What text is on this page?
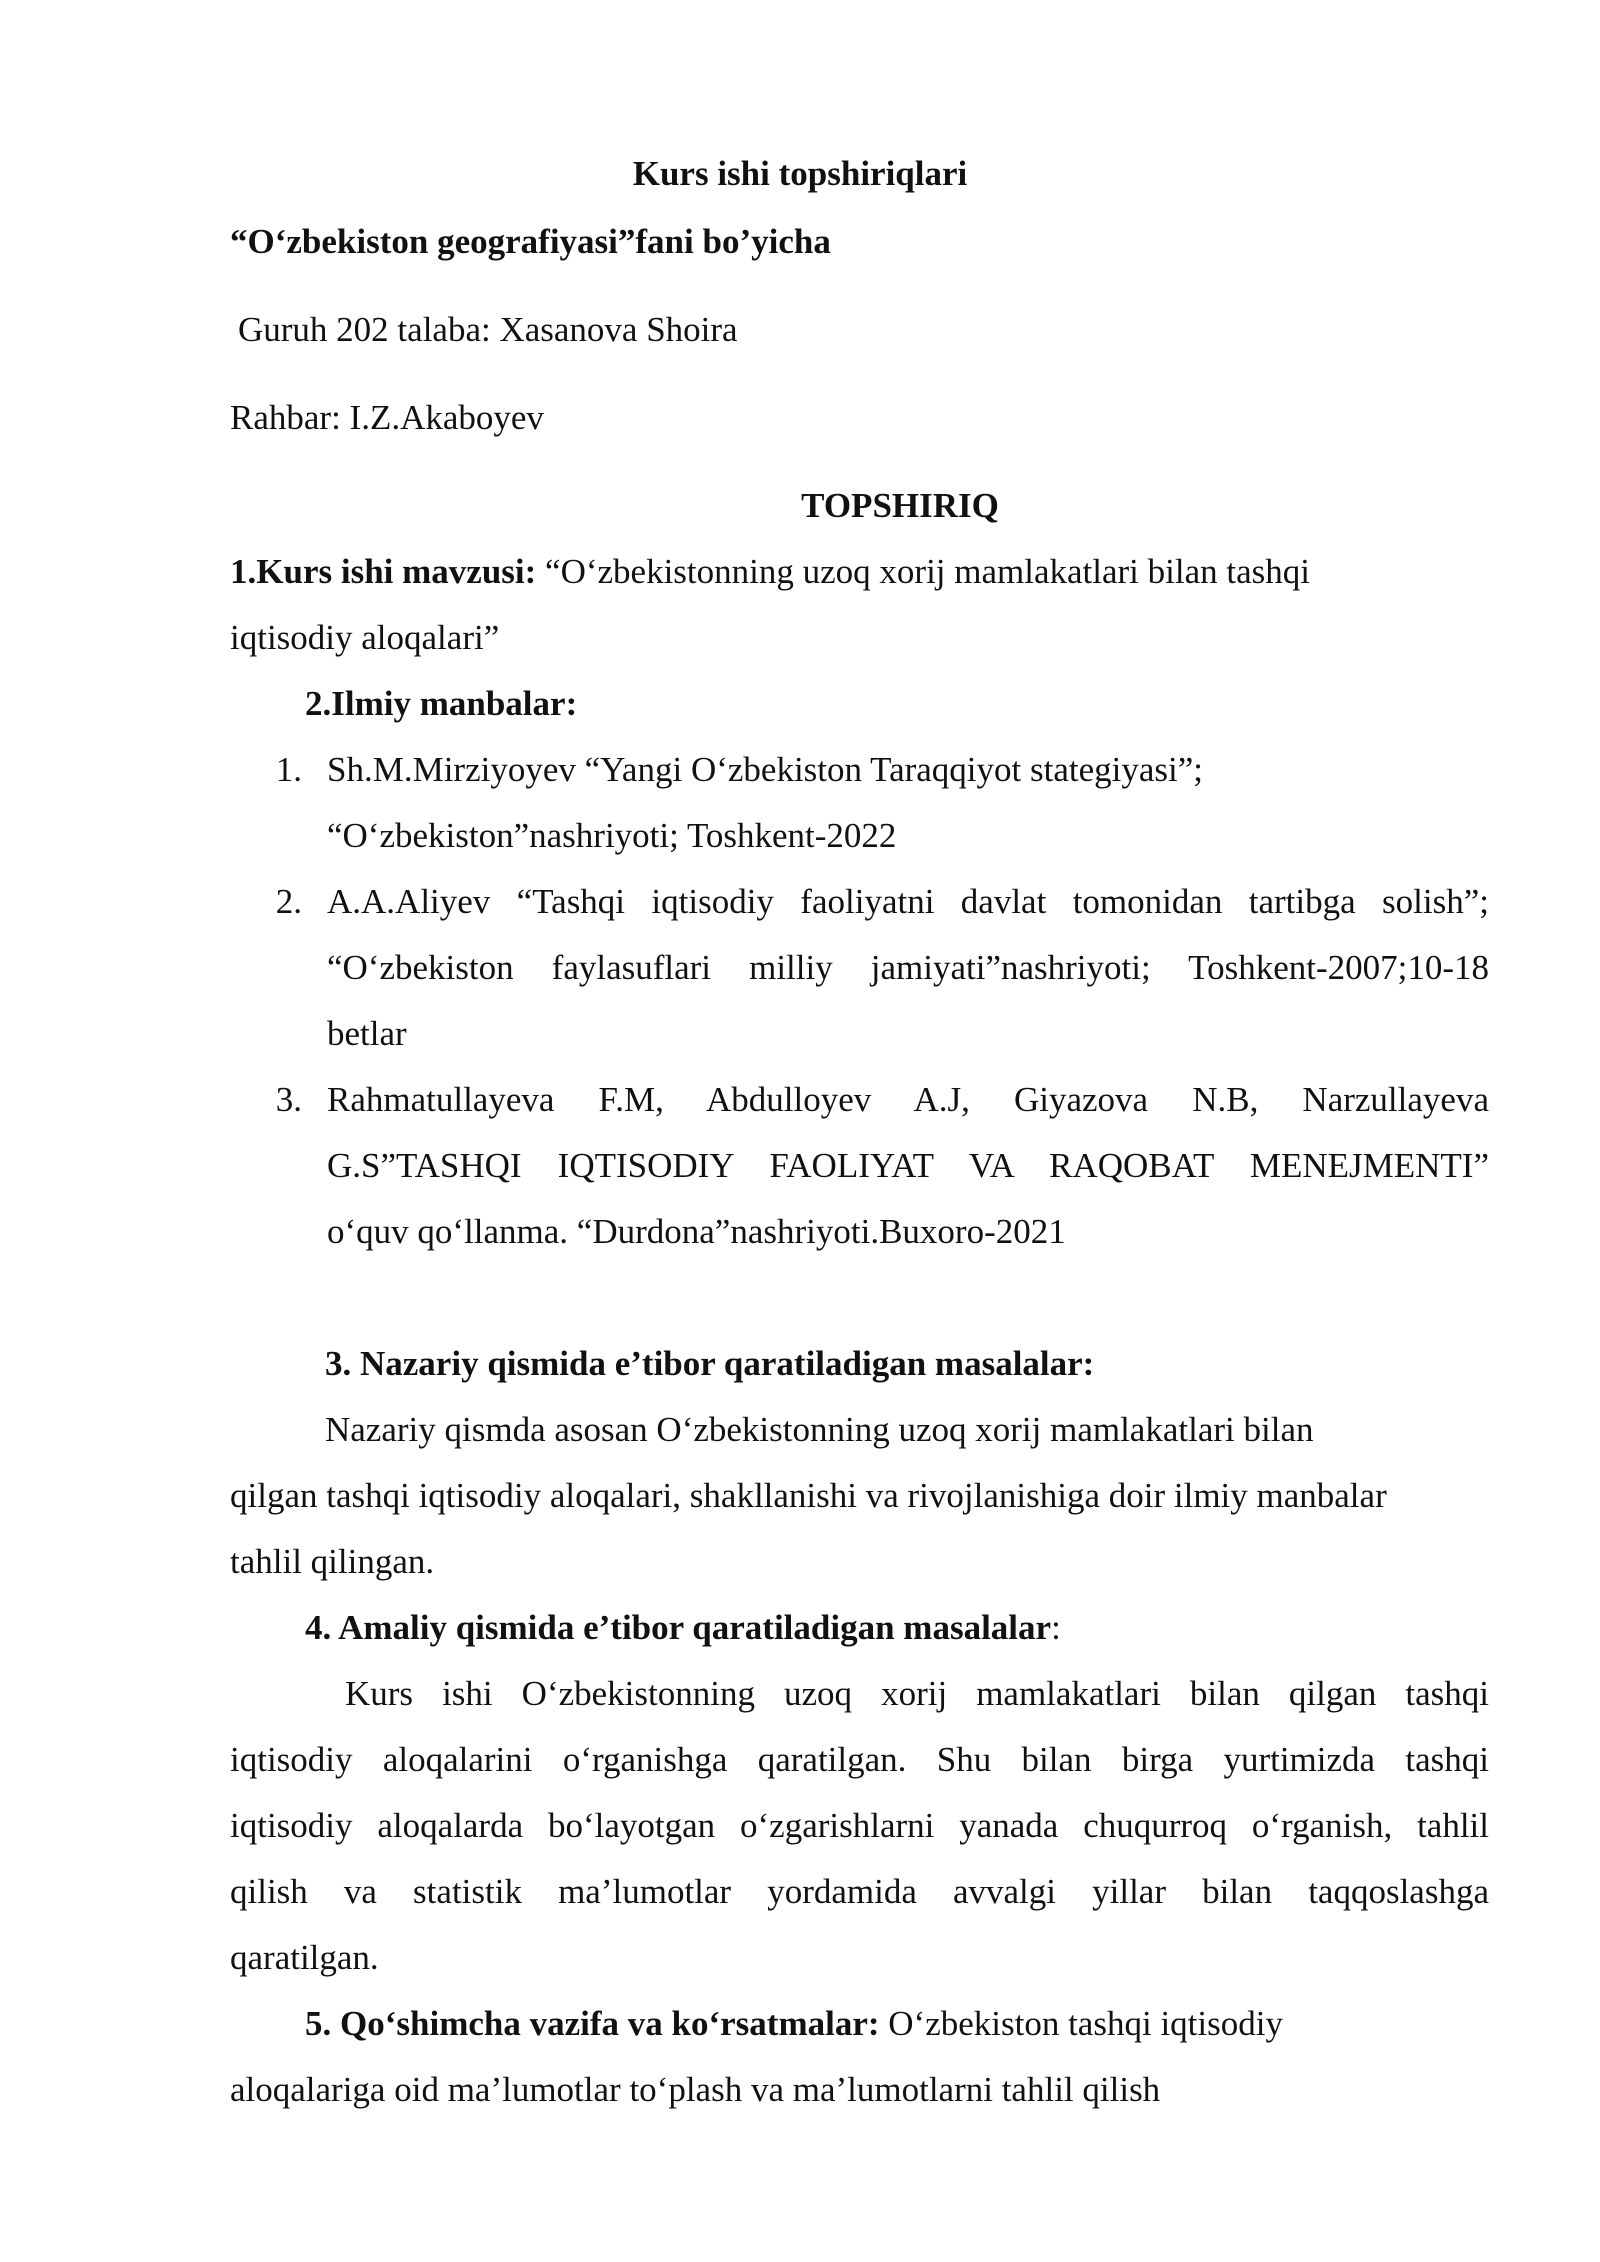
Kurs ishi topshiriqlari
“O‘zbekiston geografiyasi”fani bo’yicha
Guruh 202 talaba: Xasanova Shoira
Rahbar: I.Z.Akaboyev
TOPSHIRIQ
1.Kurs ishi mavzusi: “O‘zbekistonning uzoq xorij mamlakatlari bilan tashqi
iqtisodiy aloqalari”
2.Ilmiy manbalar:
1. Sh.M.Mirziyoyev “Yangi O‘zbekiston Taraqqiyot stategiyasi”;
“O‘zbekiston”nashriyoti; Toshkent-2022
2. A.A.Aliyev “Tashqi iqtisodiy faoliyatni davlat tomonidan tartibga solish”;
“O‘zbekiston faylasuflari milliy jamiyati”nashriyoti; Toshkent-2007;10-18
betlar
3. Rahmatullayeva F.M, Abdulloyev A.J, Giyazova N.B, Narzullayeva
G.S”TASHQI IQTISODIY FAOLIYAT VA RAQOBAT MENEJMENTI”
o‘quv qo‘llanma. “Durdona”nashriyoti.Buxoro-2021
3. Nazariy qismida e’tibor qaratiladigan masalalar:
Nazariy qismda asosan O‘zbekistonning uzoq xorij mamlakatlari bilan
qilgan tashqi iqtisodiy aloqalari, shakllanishi va rivojlanishiga doir ilmiy manbalar
tahlil qilingan.
4. Amaliy qismida e’tibor qaratiladigan masalalar:
Kurs ishi O‘zbekistonning uzoq xorij mamlakatlari bilan qilgan tashqi
iqtisodiy aloqalarini o‘rganishga qaratilgan. Shu bilan birga yurtimizda tashqi
iqtisodiy aloqalarda bo‘layotgan o‘zgarishlarni yanada chuqurroq o‘rganish, tahlil
qilish va statistik ma’lumotlar yordamida avvalgi yillar bilan taqqoslashga
qaratilgan.
5. Qo‘shimcha vazifa va ko‘rsatmalar: O‘zbekiston tashqi iqtisodiy
aloqalariga oid ma’lumotlar to‘plash va ma’lumotlarni tahlil qilish
